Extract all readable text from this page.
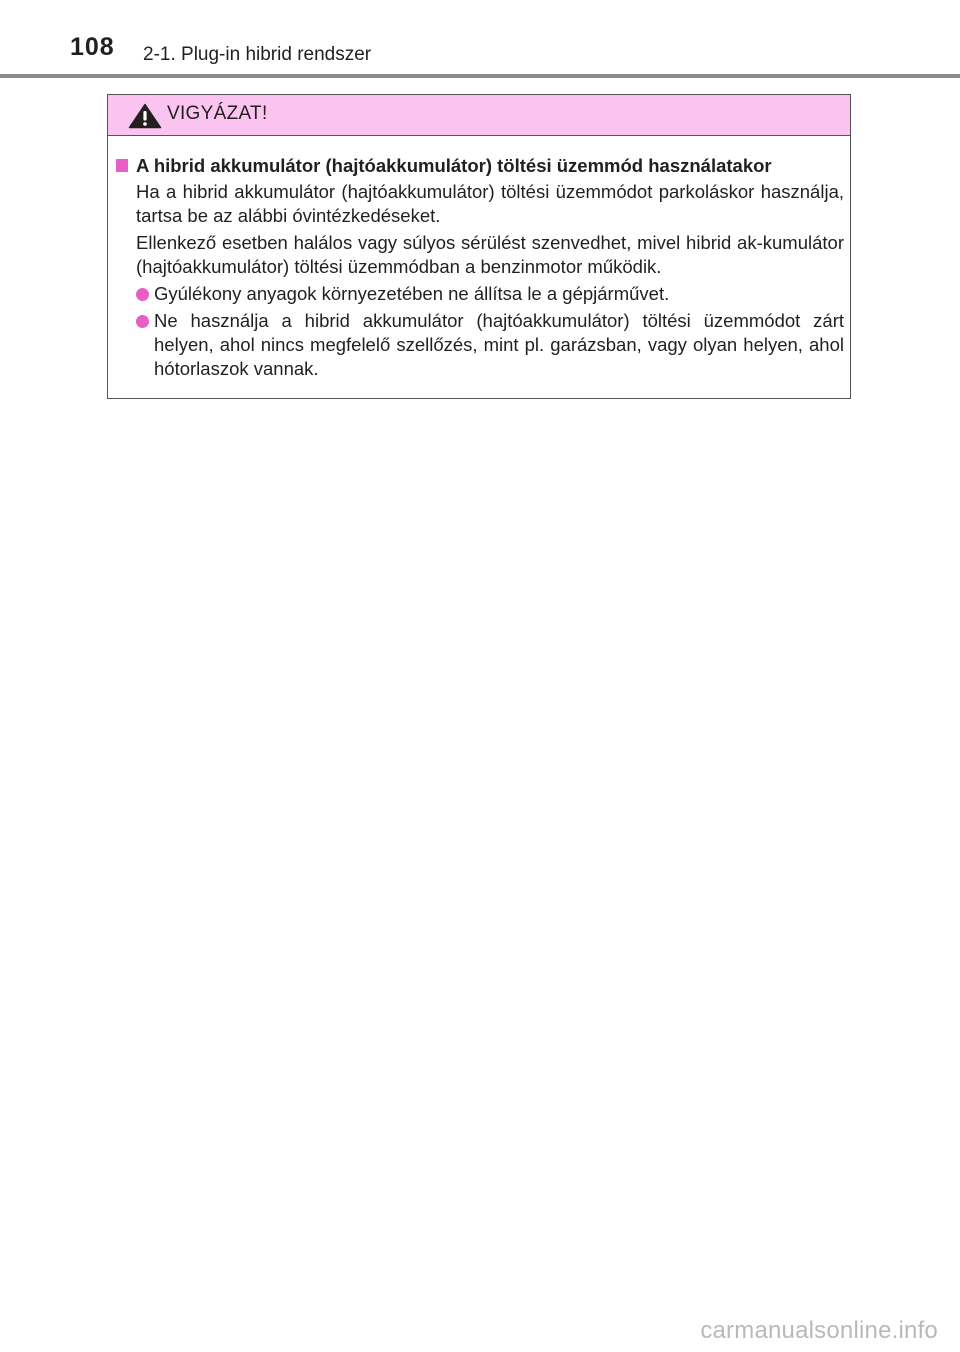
108 2-1. Plug-in hibrid rendszer
VIGYÁZAT!
A hibrid akkumulátor (hajtóakkumulátor) töltési üzemmód használatakor
Ha a hibrid akkumulátor (hajtóakkumulátor) töltési üzemmódot parkoláskor használja, tartsa be az alábbi óvintézkedéseket.
Ellenkező esetben halálos vagy súlyos sérülést szenvedhet, mivel hibrid ak-kumulátor (hajtóakkumulátor) töltési üzemmódban a benzinmotor működik.
Gyúlékony anyagok környezetében ne állítsa le a gépjárművet.
Ne használja a hibrid akkumulátor (hajtóakkumulátor) töltési üzemmódot zárt helyen, ahol nincs megfelelő szellőzés, mint pl. garázsban, vagy olyan helyen, ahol hótorlaszok vannak.
carmanualsonline.info
